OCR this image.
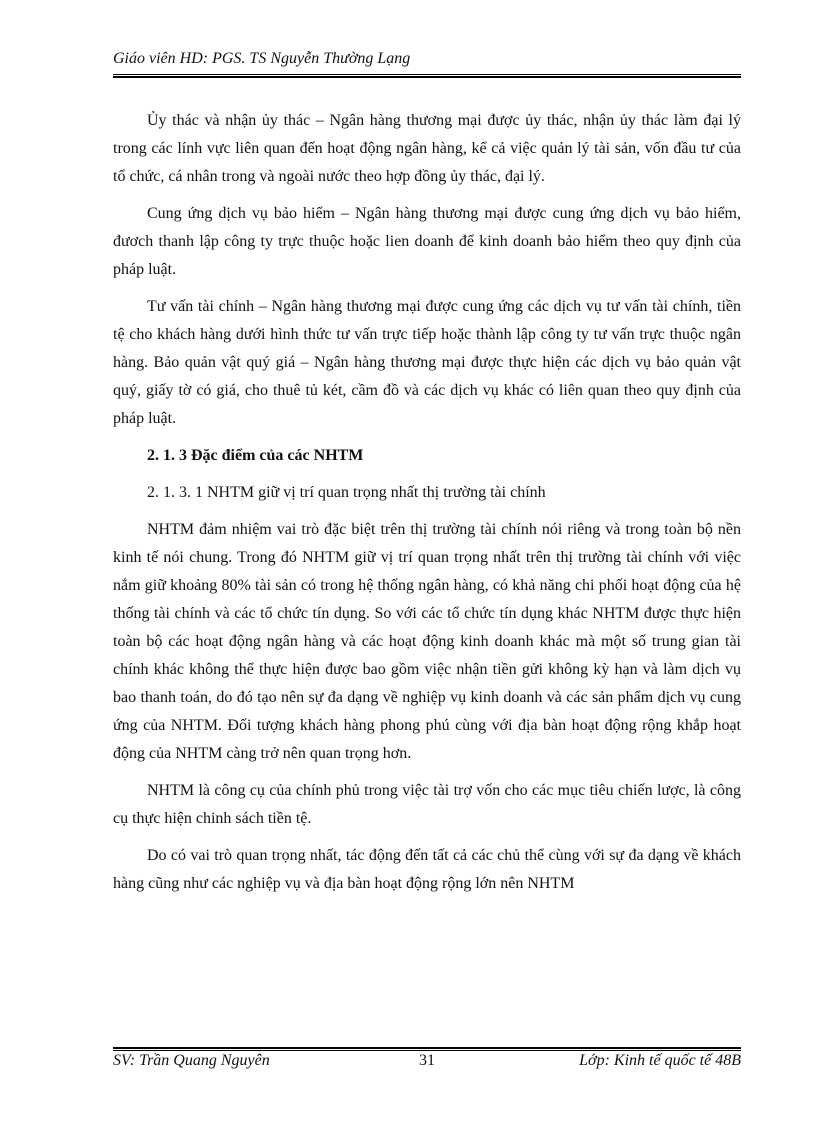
Giáo viên HD: PGS. TS Nguyễn Thường Lạng

Ủy thác và nhận ủy thác – Ngân hàng thương mại được ủy thác, nhận ủy thác làm đại lý trong các lính vực liên quan đến hoạt động ngân hàng, kể cả việc quản lý tài sản, vốn đầu tư của tổ chức, cá nhân trong và ngoài nước theo hợp đồng ủy thác, đại lý.

Cung ứng dịch vụ bảo hiểm – Ngân hàng thương mại được cung ứng dịch vụ bảo hiểm, đươch thanh lập công ty trực thuộc hoặc lien doanh để kinh doanh bảo hiểm theo quy định của pháp luật.

Tư vấn tài chính – Ngân hàng thương mại được cung ứng các dịch vụ tư vấn tài chính, tiền tệ cho khách hàng dưới hình thức tư vấn trực tiếp hoặc thành lập công ty tư vấn trực thuộc ngân hàng. Bảo quản vật quý giá – Ngân hàng thương mại được thực hiện các dịch vụ bảo quản vật quý, giấy tờ có giá, cho thuê tủ két, cầm đồ và các dịch vụ khác có liên quan theo quy định của pháp luật.

2. 1. 3 Đặc điểm của các NHTM

2. 1. 3. 1 NHTM giữ vị trí quan trọng nhất thị trường tài chính

NHTM đảm nhiệm vai trò đặc biệt trên thị trường tài chính nói riêng và trong toàn bộ nền kinh tế nói chung. Trong đó NHTM giữ vị trí quan trọng nhất trên thị trường tài chính với việc nắm giữ khoảng 80% tài sản có trong hệ thống ngân hàng, có khả năng chi phối hoạt động của hệ thống tài chính và các tổ chức tín dụng. So với các tổ chức tín dụng khác NHTM được thực hiện toàn bộ các hoạt động ngân hàng và các hoạt động kinh doanh khác mà một số trung gian tài chính khác không thể thực hiện được bao gồm việc nhận tiền gửi không kỳ hạn và làm dịch vụ bao thanh toán, do đó tạo nên sự đa dạng về nghiệp vụ kinh doanh và các sản phẩm dịch vụ cung ứng của NHTM. Đối tượng khách hàng phong phú cùng với địa bàn hoạt động rộng khắp hoạt động của NHTM càng trở nên quan trọng hơn.

NHTM là công cụ của chính phủ trong việc tài trợ vốn cho các mục tiêu chiến lược, là công cụ thực hiện chinh sách tiền tệ.

Do có vai trò quan trọng nhất, tác động đến tất cả các chủ thể cùng với sự đa dạng về khách hàng cũng như các nghiệp vụ và địa bàn hoạt động rộng lớn nên NHTM

SV: Trần Quang Nguyên	31	Lớp: Kinh tế quốc tế 48B
